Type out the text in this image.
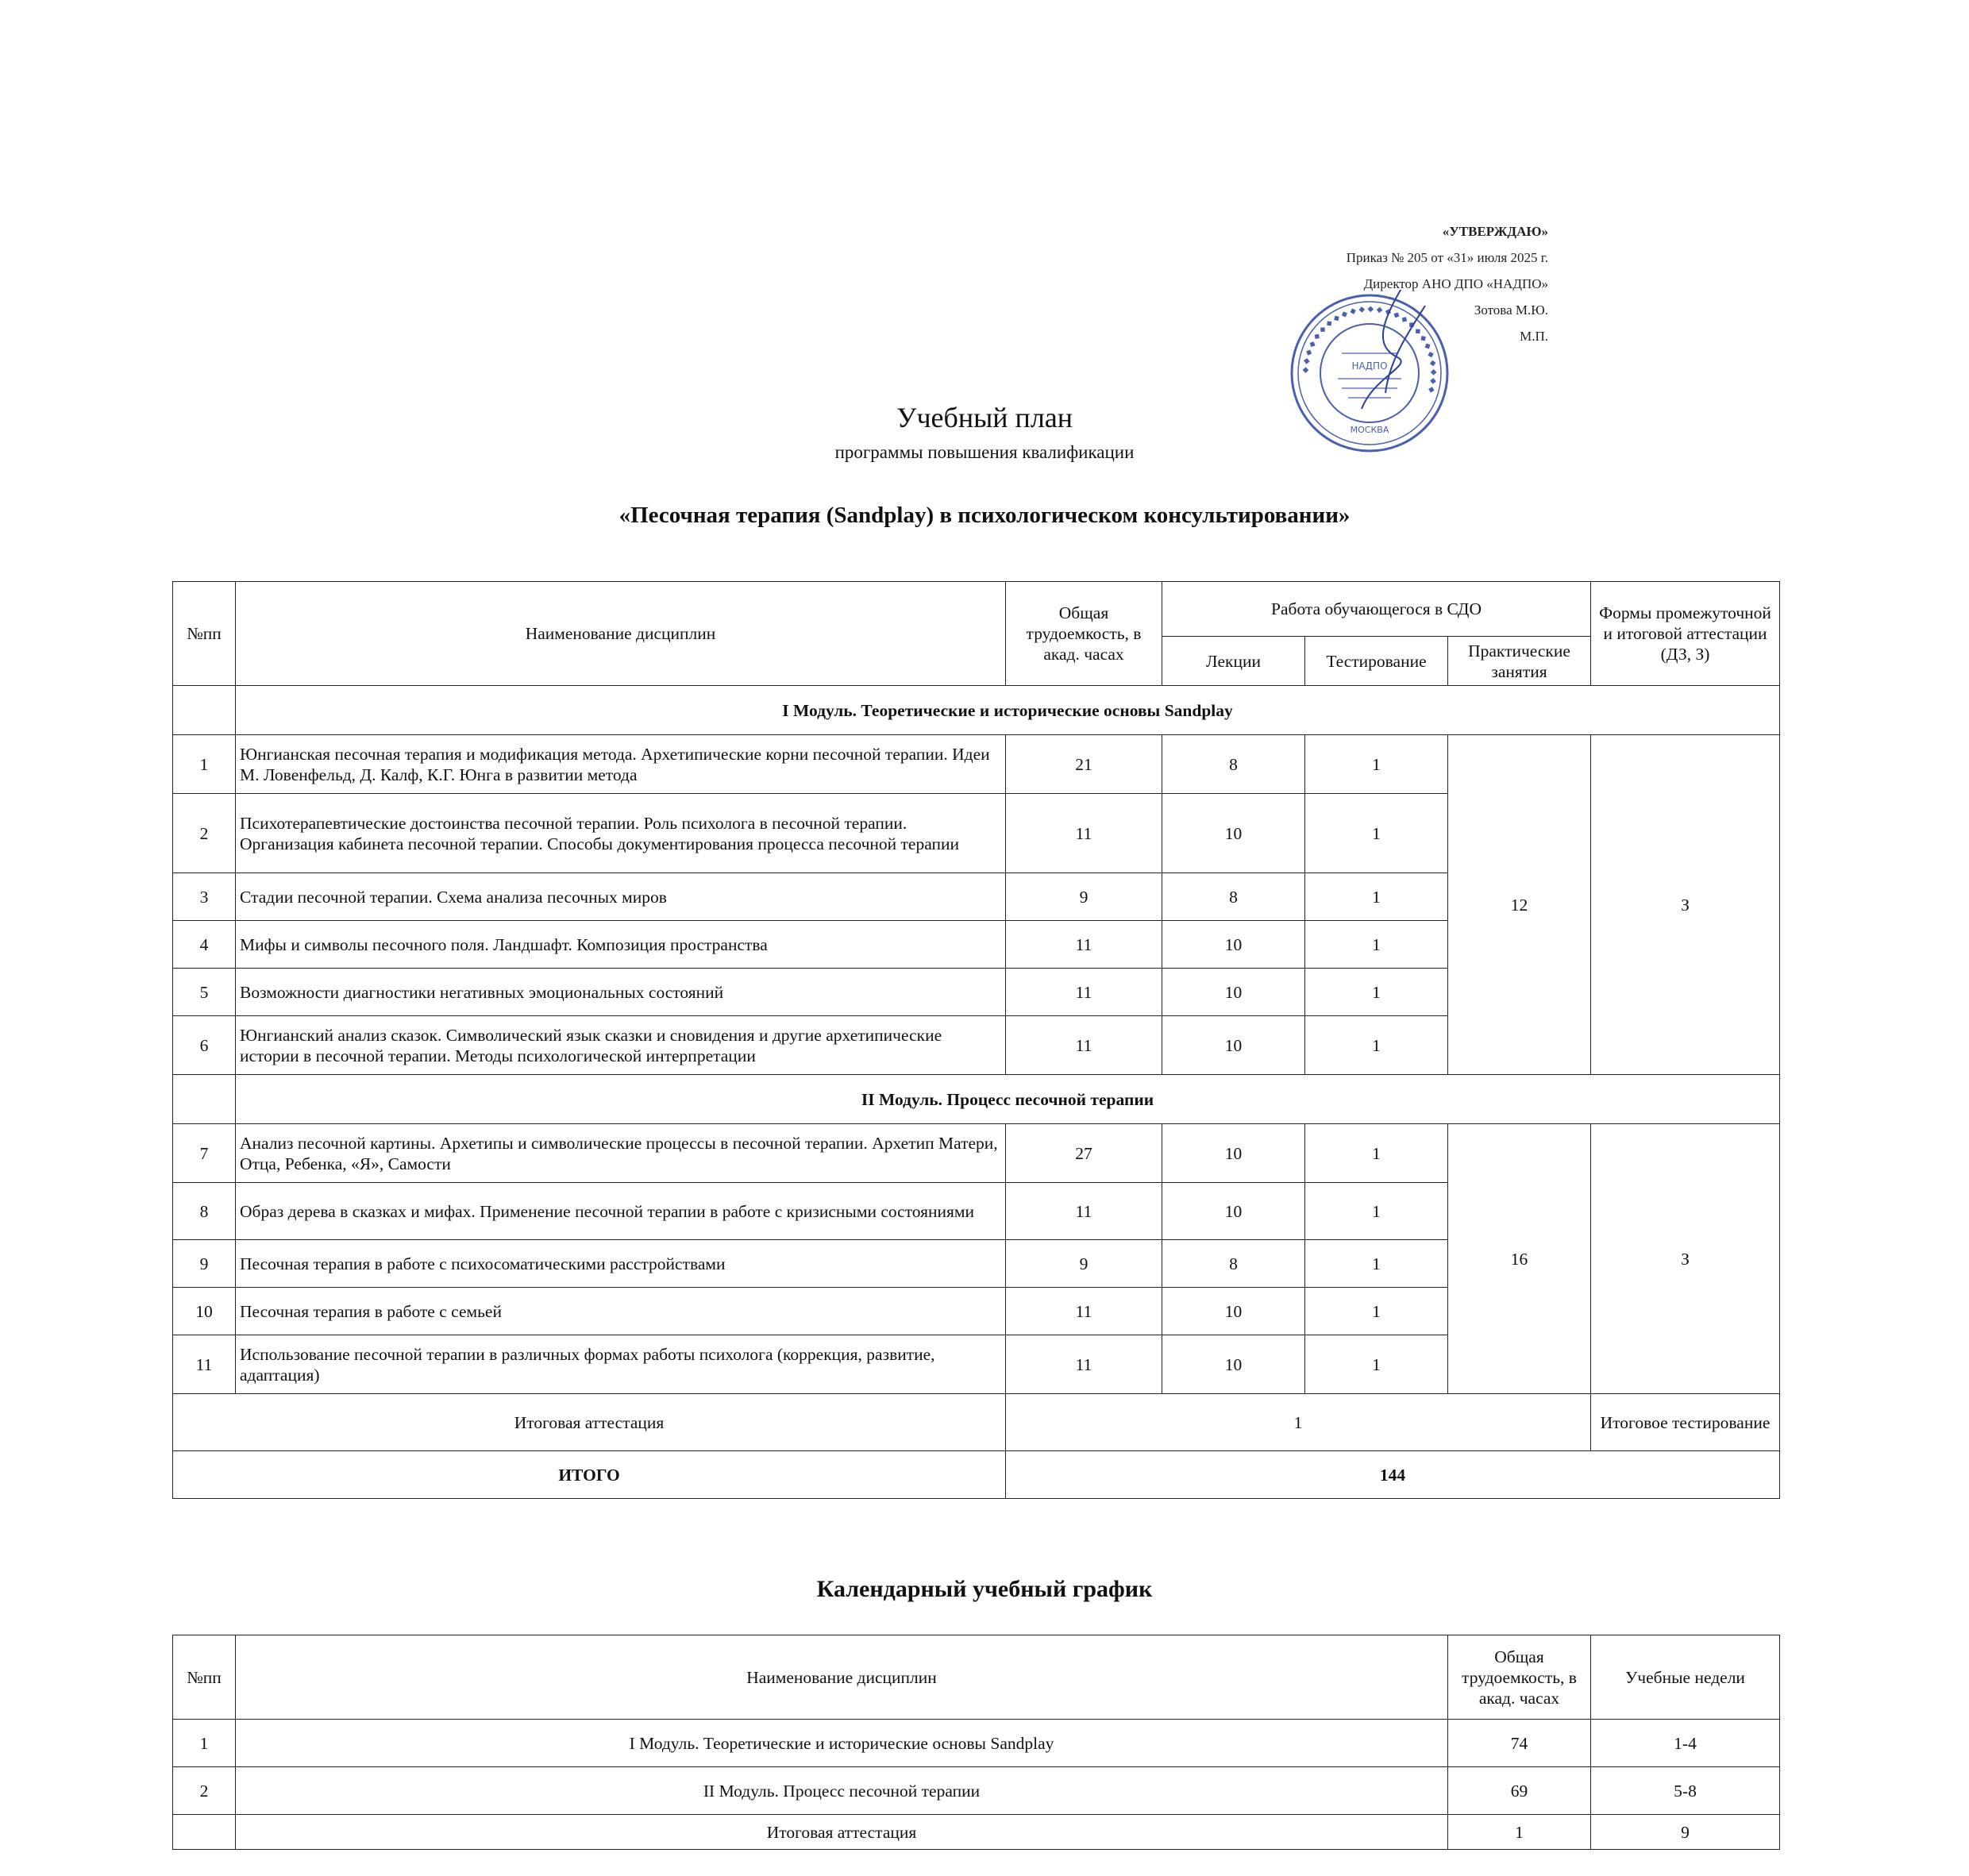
«УТВЕРЖДАЮ»
Приказ № 205 от «31» июля 2025 г.
Директор АНО ДПО «НАДПО»
Зотова М.Ю.
М.П.
◆ ◆ ◆ ◆ ◆ ◆ ◆ ◆ ◆ ◆ ◆ ◆ ◆ ◆ ◆ ◆ ◆ ◆ ◆ ◆ ◆ ◆ ◆ ◆ ◆
МОСКВА
НАДПО
Учебный план
программы повышения квалификации
«Песочная терапия (Sandplay) в психологическом консультировании»
№пп	Наименование дисциплин	Общая трудоемкость, в акад. часах	Работа обучающегося в СДО			Формы промежуточной и итоговой аттестации (ДЗ, З)
			Лекции	Тестирование	Практические занятия	
	I Модуль. Теоретические и исторические основы Sandplay					
1	Юнгианская песочная терапия и модификация метода. Архетипические корни песочной терапии. Идеи М. Ловенфельд, Д. Калф, К.Г. Юнга в развитии метода	21	8	1	12	З
2	Психотерапевтические достоинства песочной терапии. Роль психолога в песочной терапии. Организация кабинета песочной терапии. Способы документирования процесса песочной терапии	11	10	1		
3	Стадии песочной терапии. Схема анализа песочных миров	9	8	1		
4	Мифы и символы песочного поля. Ландшафт. Композиция пространства	11	10	1		
5	Возможности диагностики негативных эмоциональных состояний	11	10	1		
6	Юнгианский анализ сказок. Символический язык сказки и сновидения и другие архетипические истории в песочной терапии. Методы психологической интерпретации	11	10	1		
	II Модуль. Процесс песочной терапии					
7	Анализ песочной картины. Архетипы и символические процессы в песочной терапии. Архетип Матери, Отца, Ребенка, «Я», Самости	27	10	1	16	З
8	Образ дерева в сказках и мифах. Применение песочной терапии в работе с кризисными состояниями	11	10	1		
9	Песочная терапия в работе с психосоматическими расстройствами	9	8	1		
10	Песочная терапия в работе с семьей	11	10	1		
11	Использование песочной терапии в различных формах работы психолога (коррекция, развитие, адаптация)	11	10	1		
Итоговая аттестация		1				Итоговое тестирование
ИТОГО		144				
Календарный учебный график
№пп	Наименование дисциплин	Общая трудоемкость, в акад. часах	Учебные недели
1	I Модуль. Теоретические и исторические основы Sandplay	74	1-4
2	II Модуль. Процесс песочной терапии	69	5-8
	Итоговая аттестация	1	9
